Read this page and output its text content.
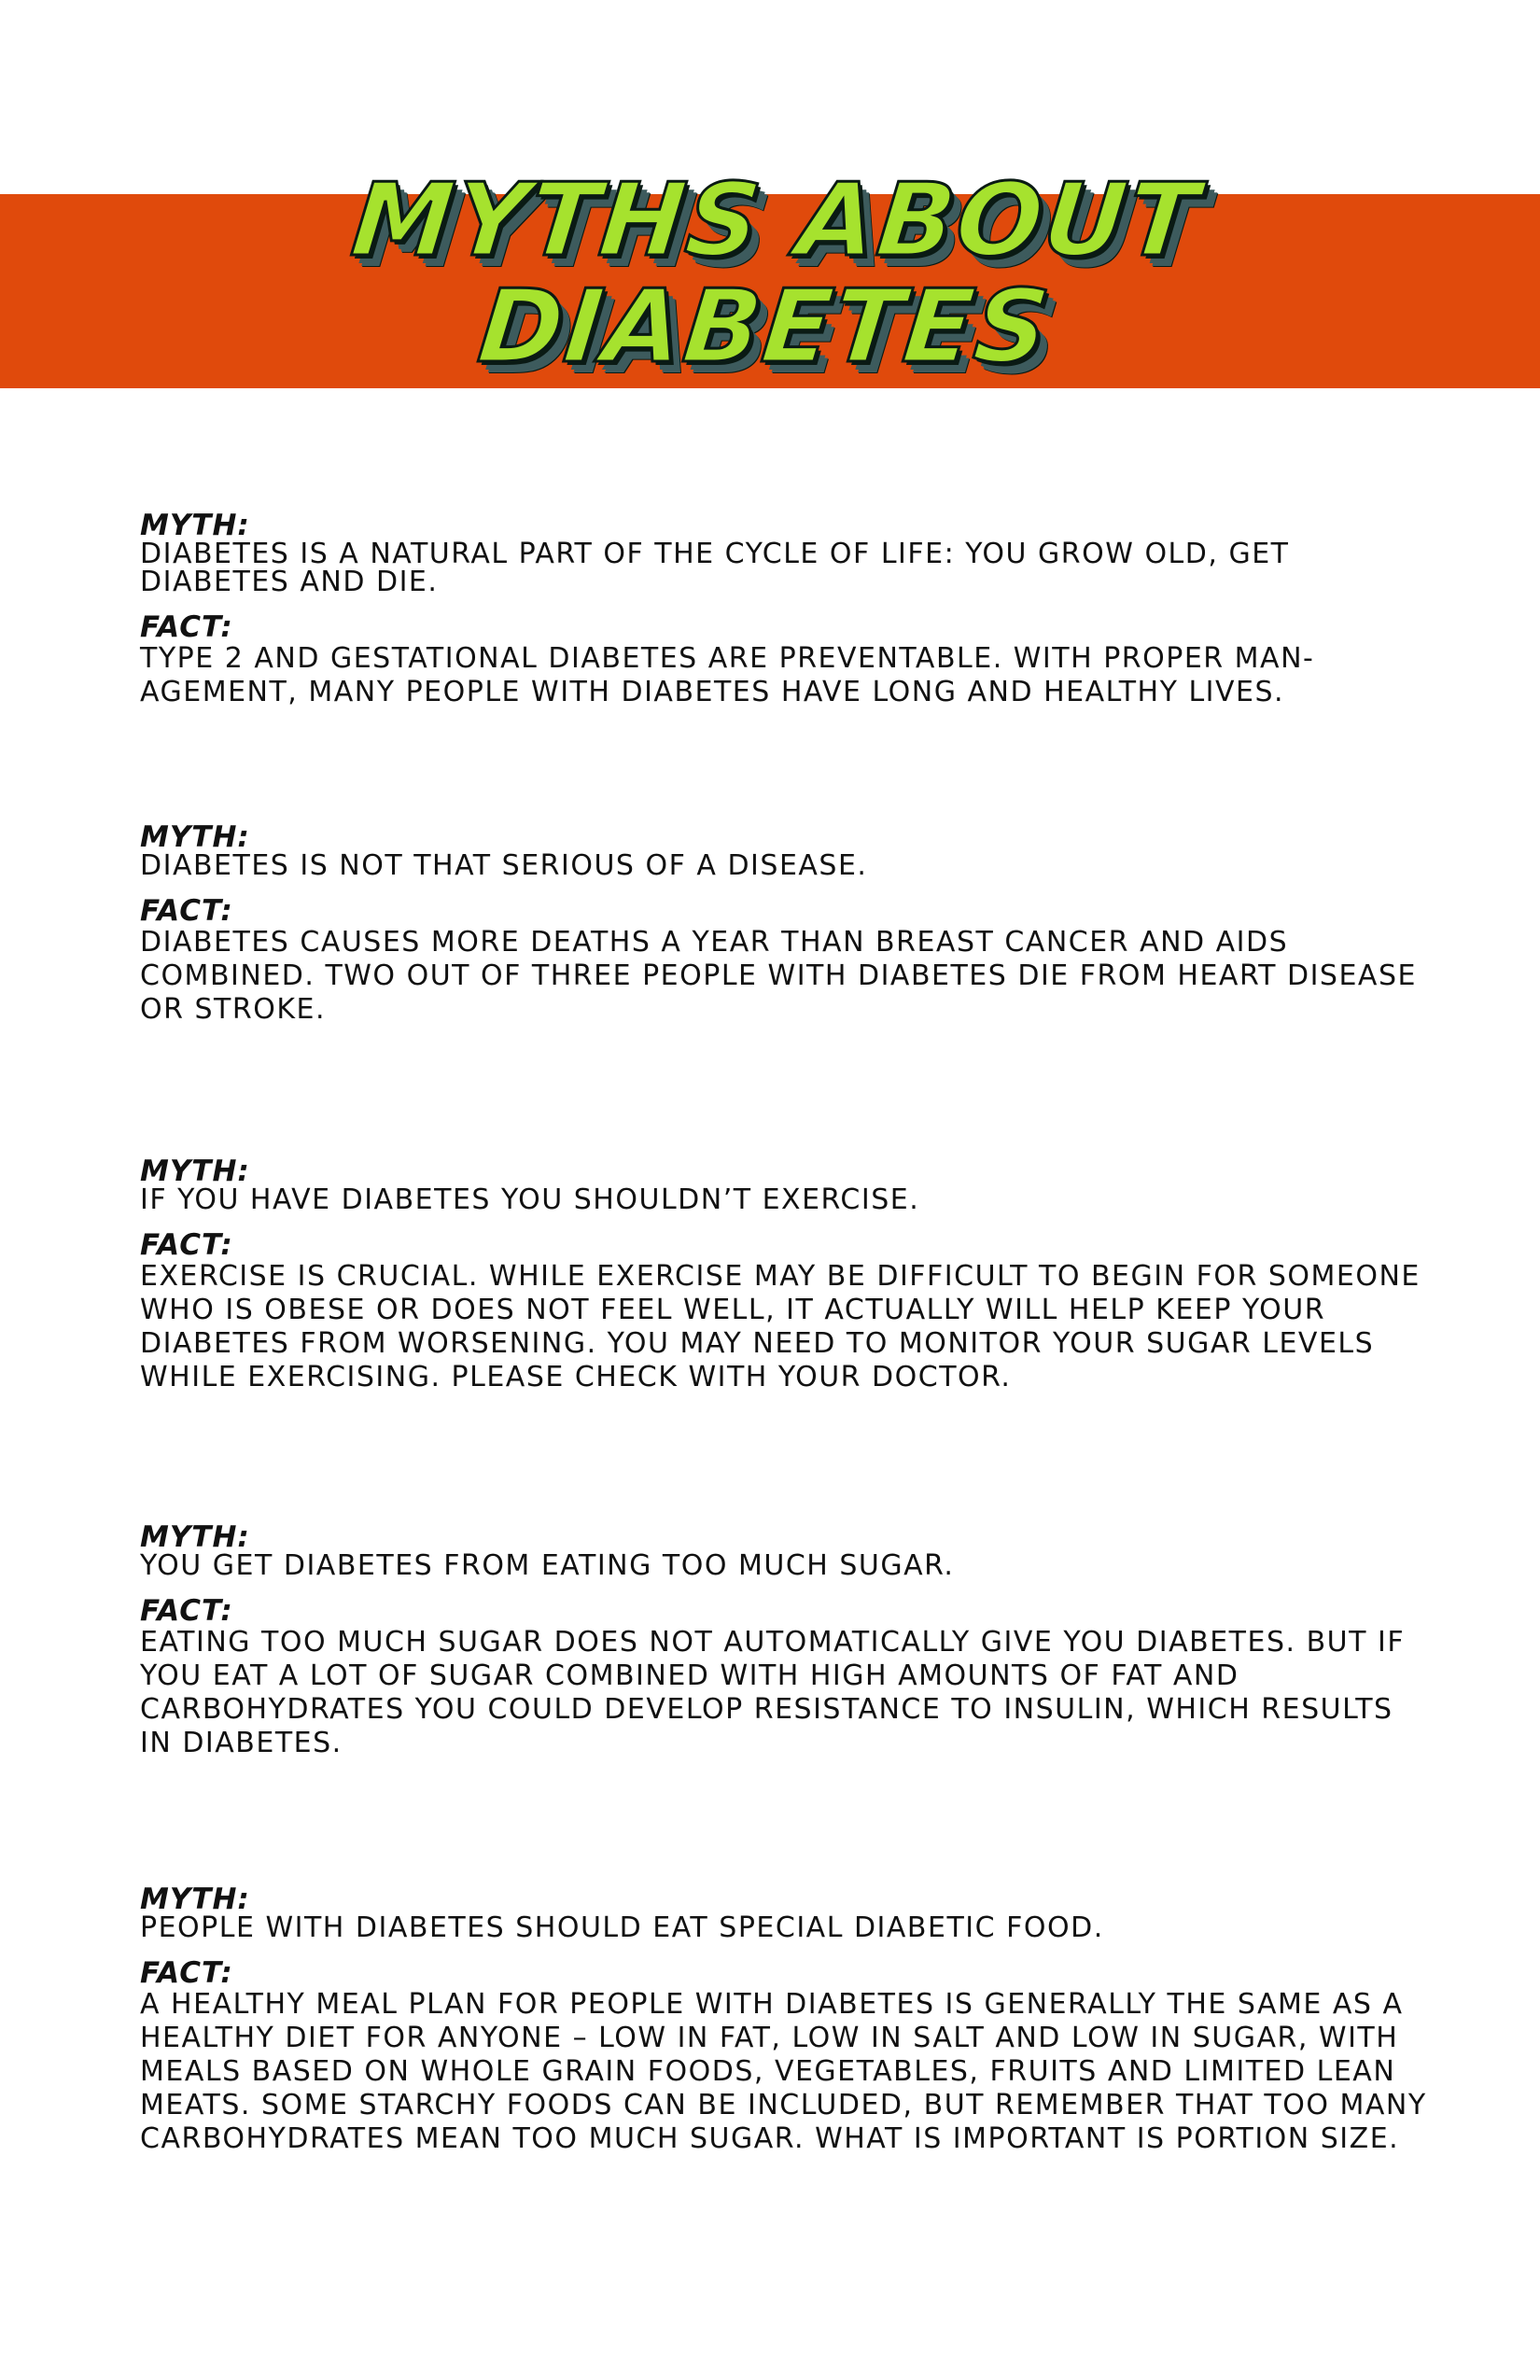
MYTHS ABOUT
DIABETES
MYTH:

DIABETES IS A NATURAL PART OF THE CYCLE OF LIFE: YOU GROW OLD, GET DIABETES AND DIE.

FACT:

TYPE 2 AND GESTATIONAL DIABETES ARE PREVENTABLE. WITH PROPER MAN-AGEMENT, MANY PEOPLE WITH DIABETES HAVE LONG AND HEALTHY LIVES.

MYTH:

DIABETES IS NOT THAT SERIOUS OF A DISEASE.

FACT:

DIABETES CAUSES MORE DEATHS A YEAR THAN BREAST CANCER AND AIDS COMBINED. TWO OUT OF THREE PEOPLE WITH DIABETES DIE FROM HEART DISEASE OR STROKE.

MYTH:

IF YOU HAVE DIABETES YOU SHOULDN’T EXERCISE.

FACT:

EXERCISE IS CRUCIAL. WHILE EXERCISE MAY BE DIFFICULT TO BEGIN FOR SOMEONE WHO IS OBESE OR DOES NOT FEEL WELL, IT ACTUALLY WILL HELP KEEP YOUR DIABETES FROM WORSENING. YOU MAY NEED TO MONITOR YOUR SUGAR LEVELS WHILE EXERCISING. PLEASE CHECK WITH YOUR DOCTOR.

MYTH:

YOU GET DIABETES FROM EATING TOO MUCH SUGAR.

FACT:

EATING TOO MUCH SUGAR DOES NOT AUTOMATICALLY GIVE YOU DIABETES. BUT IF YOU EAT A LOT OF SUGAR COMBINED WITH HIGH AMOUNTS OF FAT AND CARBOHYDRATES YOU COULD DEVELOP RESISTANCE TO INSULIN, WHICH RESULTS IN DIABETES.

MYTH:

PEOPLE WITH DIABETES SHOULD EAT SPECIAL DIABETIC FOOD.

FACT:

A HEALTHY MEAL PLAN FOR PEOPLE WITH DIABETES IS GENERALLY THE SAME AS A HEALTHY DIET FOR ANYONE – LOW IN FAT, LOW IN SALT AND LOW IN SUGAR, WITH MEALS BASED ON WHOLE GRAIN FOODS, VEGETABLES, FRUITS AND LIMITED LEAN MEATS. SOME STARCHY FOODS CAN BE INCLUDED, BUT REMEMBER THAT TOO MANY CARBOHYDRATES MEAN TOO MUCH SUGAR. WHAT IS IMPORTANT IS PORTION SIZE.
